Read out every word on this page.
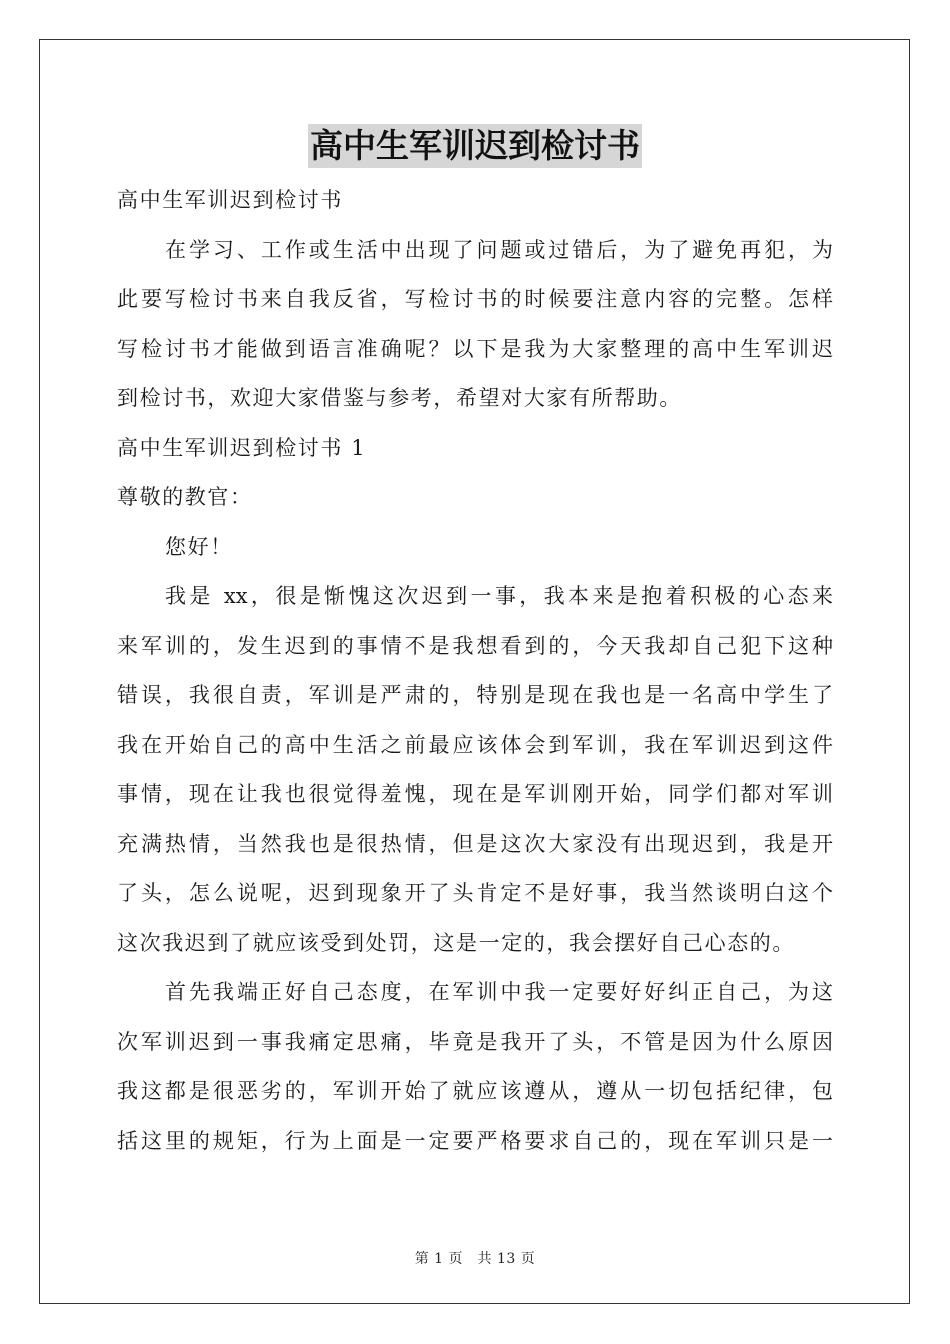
高中生军训迟到检讨书
高中生军训迟到检讨书
在学习、工作或生活中出现了问题或过错后，为了避免再犯，为
此要写检讨书来自我反省，写检讨书的时候要注意内容的完整。怎样
写检讨书才能做到语言准确呢？以下是我为大家整理的高中生军训迟
到检讨书，欢迎大家借鉴与参考，希望对大家有所帮助。
高中生军训迟到检讨书 1
尊敬的教官：
您好！
我是 xx，很是惭愧这次迟到一事，我本来是抱着积极的心态来
来军训的，发生迟到的事情不是我想看到的，今天我却自己犯下这种
错误，我很自责，军训是严肃的，特别是现在我也是一名高中学生了
我在开始自己的高中生活之前最应该体会到军训，我在军训迟到这件
事情，现在让我也很觉得羞愧，现在是军训刚开始，同学们都对军训
充满热情，当然我也是很热情，但是这次大家没有出现迟到，我是开
了头，怎么说呢，迟到现象开了头肯定不是好事，我当然谈明白这个
这次我迟到了就应该受到处罚，这是一定的，我会摆好自己心态的。
首先我端正好自己态度，在军训中我一定要好好纠正自己，为这
次军训迟到一事我痛定思痛，毕竟是我开了头，不管是因为什么原因
我这都是很恶劣的，军训开始了就应该遵从，遵从一切包括纪律，包
括这里的规矩，行为上面是一定要严格要求自己的，现在军训只是一
第 1 页　共 13 页
